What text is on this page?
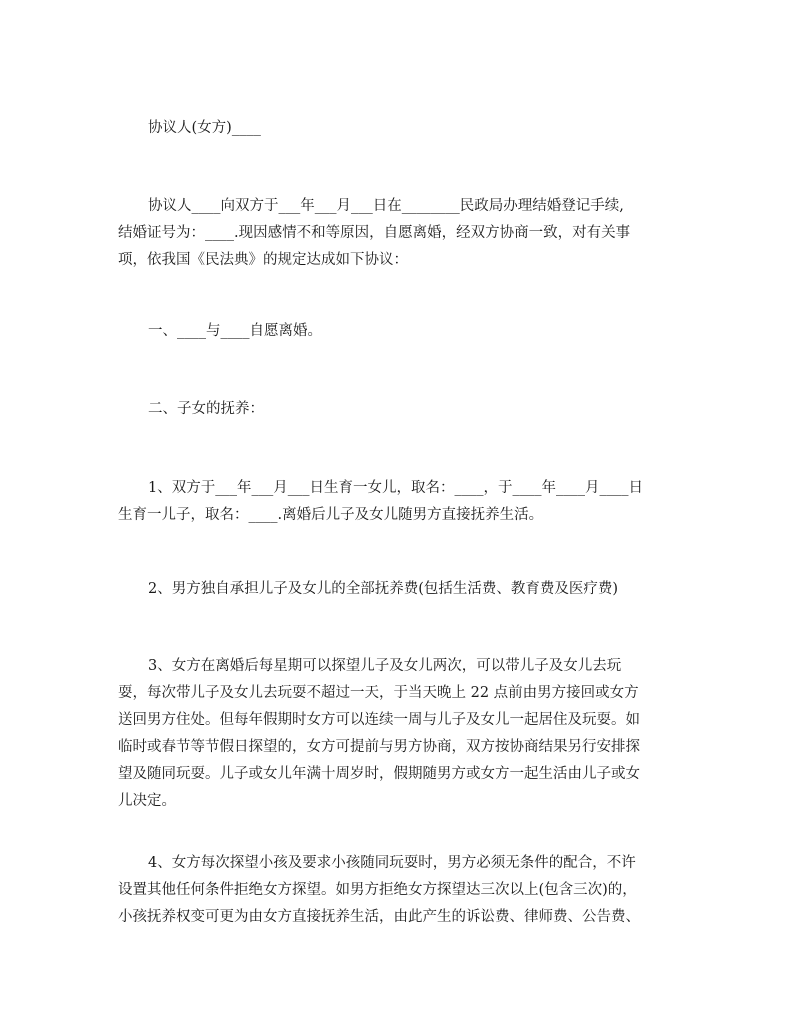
协议人(女方)____
协议人____向双方于___年___月___日在________民政局办理结婚登记手续,
结婚证号为：____.现因感情不和等原因，自愿离婚，经双方协商一致，对有关事
项，依我国《民法典》的规定达成如下协议：
一、____与____自愿离婚。
二、子女的抚养：
1、双方于___年___月___日生育一女儿，取名：____，于____年____月____日
生育一儿子，取名：____.离婚后儿子及女儿随男方直接抚养生活。
2、男方独自承担儿子及女儿的全部抚养费(包括生活费、教育费及医疗费)
3、女方在离婚后每星期可以探望儿子及女儿两次，可以带儿子及女儿去玩
耍，每次带儿子及女儿去玩耍不超过一天，于当天晚上 22 点前由男方接回或女方
送回男方住处。但每年假期时女方可以连续一周与儿子及女儿一起居住及玩耍。如
临时或春节等节假日探望的，女方可提前与男方协商，双方按协商结果另行安排探
望及随同玩耍。儿子或女儿年满十周岁时，假期随男方或女方一起生活由儿子或女
儿决定。
4、女方每次探望小孩及要求小孩随同玩耍时，男方必须无条件的配合，不许
设置其他任何条件拒绝女方探望。如男方拒绝女方探望达三次以上(包含三次)的，
小孩抚养权变可更为由女方直接抚养生活，由此产生的诉讼费、律师费、公告费、
